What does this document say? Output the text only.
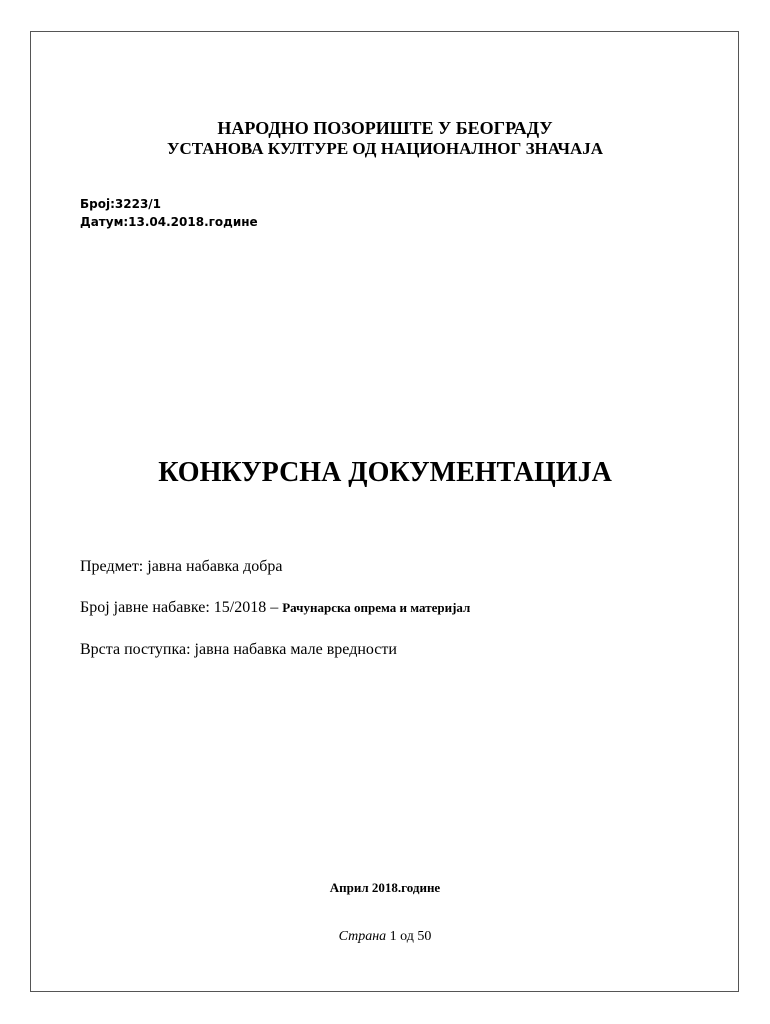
НАРОДНО ПОЗОРИШТЕ У БЕОГРАДУ
УСТАНОВА КУЛТУРЕ ОД НАЦИОНАЛНОГ ЗНАЧАЈА
Број:3223/1
Датум:13.04.2018.године
КОНКУРСНА ДОКУМЕНТАЦИЈА
Предмет: јавна набавка добра
Број јавне набавке: 15/2018 – Рачунарска опрема и материјал
Врста поступка: јавна набавка мале вредности
Април 2018.године
Страна 1 од 50
